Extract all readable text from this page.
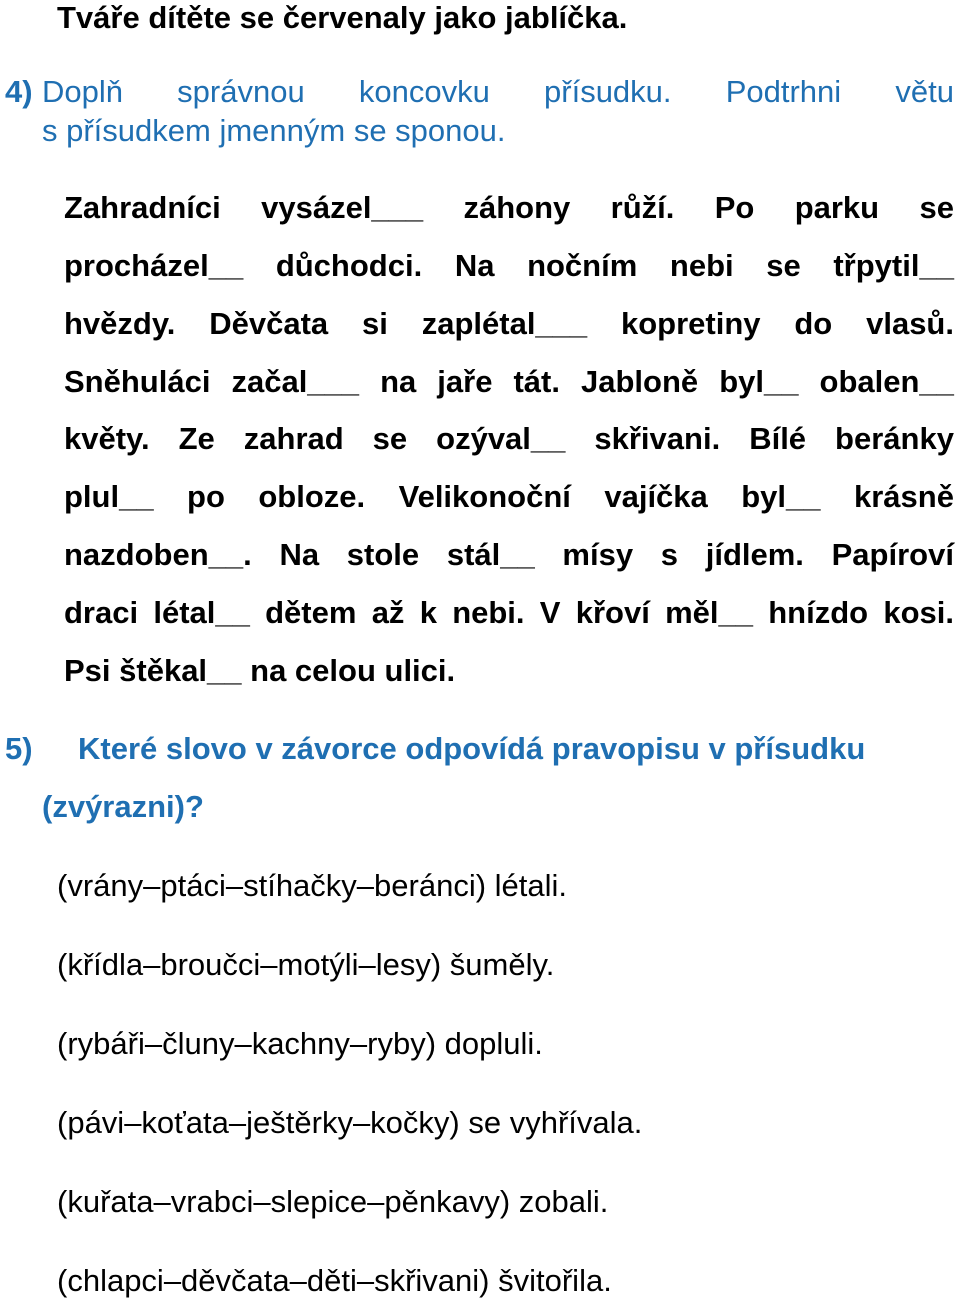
Tváře dítěte se červenaly jako jablíčka.

4) Doplň správnou koncovku přísudku. Podtrhni větu

s přísudkem jmenným se sponou.

Zahradníci vysázel___ záhony růží. Po parku se
procházel__ důchodci. Na nočním nebi se třpytil__
hvězdy. Děvčata si zaplétal___ kopretiny do vlasů.
Sněhuláci začal___ na jaře tát. Jabloně byl__ obalen__
květy. Ze zahrad se ozýval__ skřivani. Bílé beránky
plul__ po obloze. Velikonoční vajíčka byl__ krásně
nazdoben__. Na stole stál__ mísy s jídlem. Papíroví
draci létal__ dětem až k nebi. V křoví měl__ hnízdo kosi.

Psi štěkal__ na celou ulici.

5) Které slovo v závorce odpovídá pravopisu v přísudku

(zvýrazni)?

(vrány–ptáci–stíhačky–beránci) létali.

(křídla–broučci–motýli–lesy) šuměly.

(rybáři–čluny–kachny–ryby) dopluli.

(pávi–koťata–ještěrky–kočky) se vyhřívala.

(kuřata–vrabci–slepice–pěnkavy) zobali.

(chlapci–děvčata–děti–skřivani) švitořila.
